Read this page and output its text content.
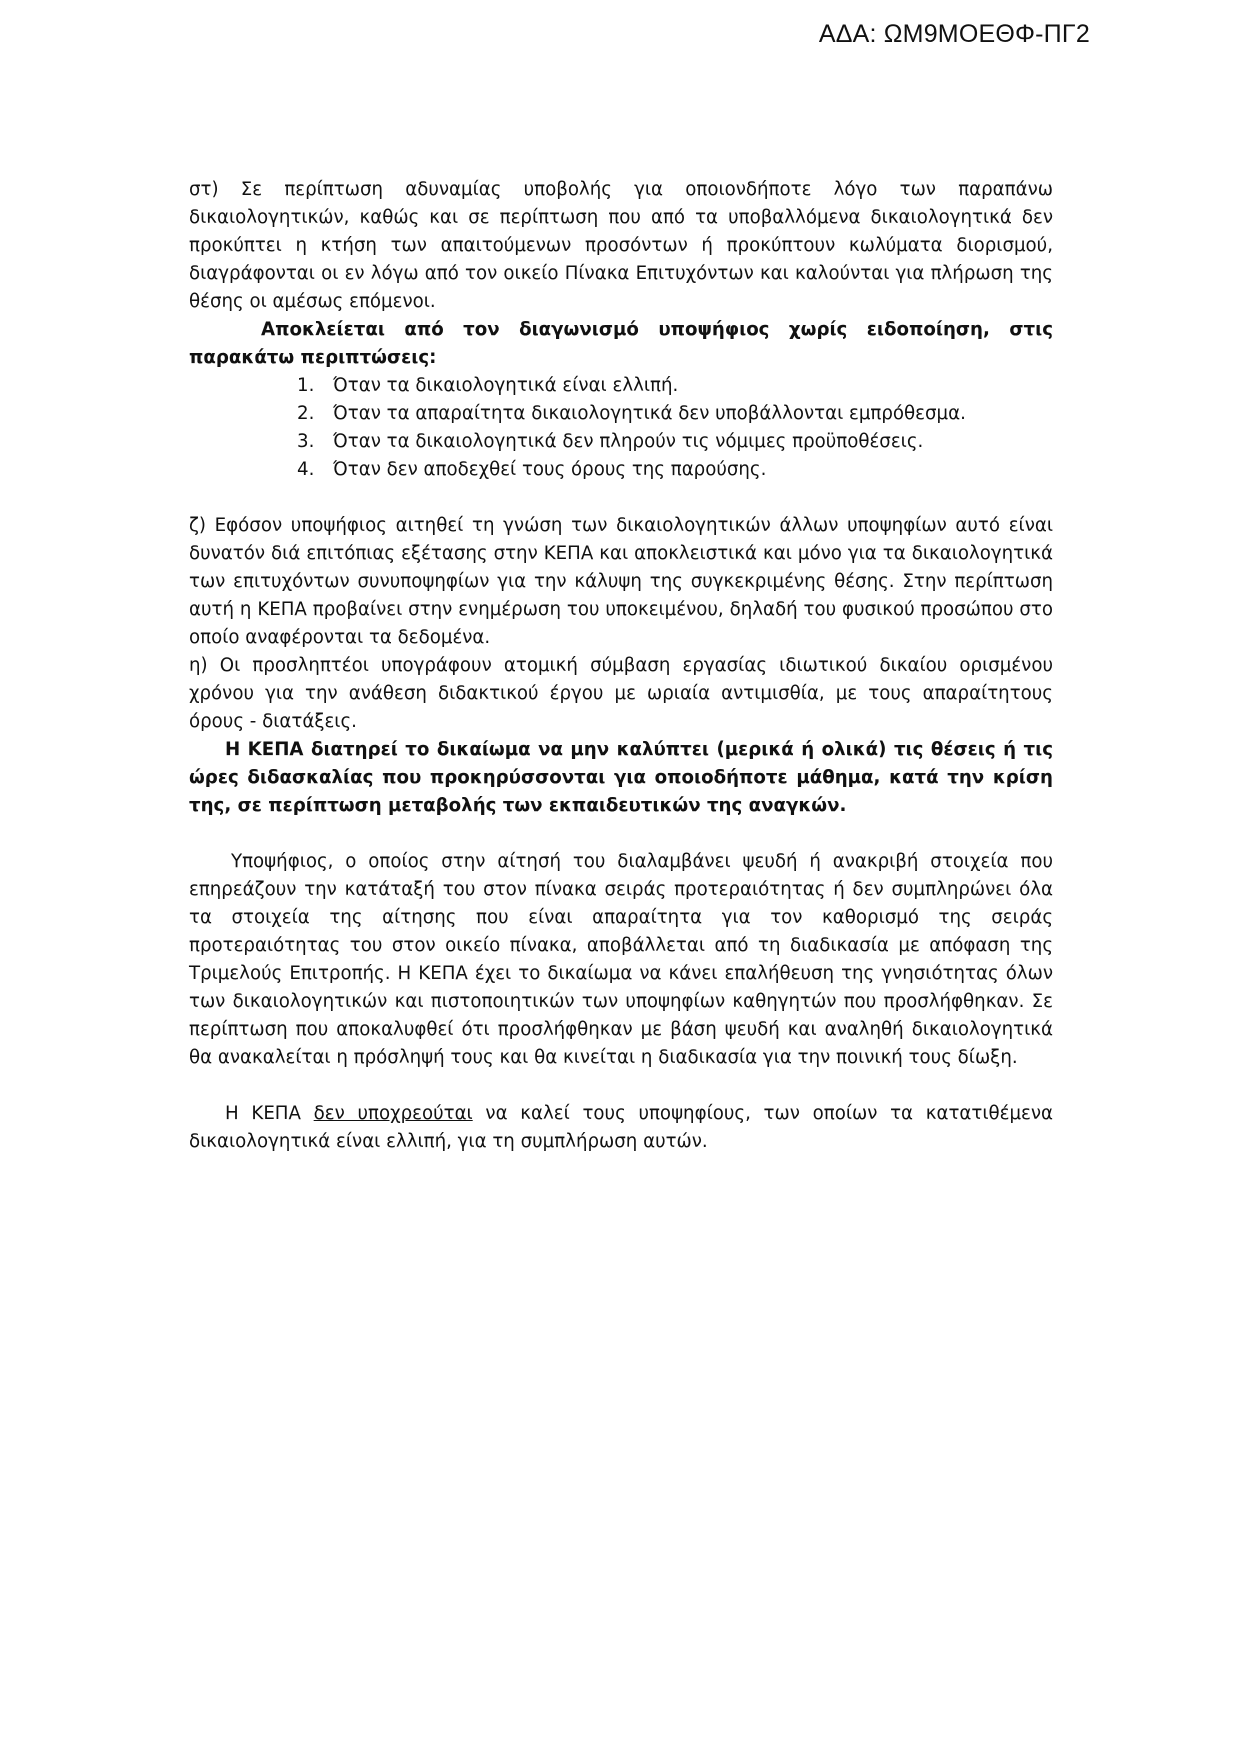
ΑΔΑ: ΩΜ9ΜΟΕΘΦ-ΠΓ2

στ) Σε περίπτωση αδυναμίας υποβολής για οποιονδήποτε λόγο των παραπάνω δικαιολογητικών, καθώς και σε περίπτωση που από τα υποβαλλόμενα δικαιολογητικά δεν προκύπτει η κτήση των απαιτούμενων προσόντων ή προκύπτουν κωλύματα διορισμού, διαγράφονται οι εν λόγω από τον οικείο Πίνακα Επιτυχόντων και καλούνται για πλήρωση της θέσης οι αμέσως επόμενοι.

Αποκλείεται από τον διαγωνισμό υποψήφιος χωρίς ειδοποίηση, στις παρακάτω περιπτώσεις:

1.	Όταν τα δικαιολογητικά είναι ελλιπή.
2.	Όταν τα απαραίτητα δικαιολογητικά δεν υποβάλλονται εμπρόθεσμα.
3.	Όταν τα δικαιολογητικά δεν πληρούν τις νόμιμες προϋποθέσεις.
4.	Όταν δεν αποδεχθεί τους όρους της παρούσης.

ζ) Εφόσον υποψήφιος αιτηθεί τη γνώση των δικαιολογητικών άλλων υποψηφίων αυτό είναι δυνατόν διά επιτόπιας εξέτασης στην ΚΕΠΑ και αποκλειστικά και μόνο για τα δικαιολογητικά των επιτυχόντων συνυποψηφίων για την κάλυψη της συγκεκριμένης θέσης. Στην περίπτωση αυτή η ΚΕΠΑ προβαίνει στην ενημέρωση του υποκειμένου, δηλαδή του φυσικού προσώπου στο οποίο αναφέρονται τα δεδομένα.

η) Οι προσληπτέοι υπογράφουν ατομική σύμβαση εργασίας ιδιωτικού δικαίου ορισμένου χρόνου για την ανάθεση διδακτικού έργου με ωριαία αντιμισθία, με τους απαραίτητους όρους - διατάξεις.

Η ΚΕΠΑ διατηρεί το δικαίωμα να μην καλύπτει (μερικά ή ολικά) τις θέσεις ή τις ώρες διδασκαλίας που προκηρύσσονται για οποιοδήποτε μάθημα, κατά την κρίση της, σε περίπτωση μεταβολής των εκπαιδευτικών της αναγκών.

Υποψήφιος, ο οποίος στην αίτησή του διαλαμβάνει ψευδή ή ανακριβή στοιχεία που επηρεάζουν την κατάταξή του στον πίνακα σειράς προτεραιότητας ή δεν συμπληρώνει όλα τα στοιχεία της αίτησης που είναι απαραίτητα για τον καθορισμό της σειράς προτεραιότητας του στον οικείο πίνακα, αποβάλλεται από τη διαδικασία με απόφαση της Τριμελούς Επιτροπής. Η ΚΕΠΑ έχει το δικαίωμα να κάνει επαλήθευση της γνησιότητας όλων των δικαιολογητικών και πιστοποιητικών των υποψηφίων καθηγητών που προσλήφθηκαν. Σε περίπτωση που αποκαλυφθεί ότι προσλήφθηκαν με βάση ψευδή και αναληθή δικαιολογητικά θα ανακαλείται η πρόσληψή τους και θα κινείται η διαδικασία για την ποινική τους δίωξη.

Η ΚΕΠΑ δεν υποχρεούται να καλεί τους υποψηφίους, των οποίων τα κατατιθέμενα δικαιολογητικά είναι ελλιπή, για τη συμπλήρωση αυτών.
